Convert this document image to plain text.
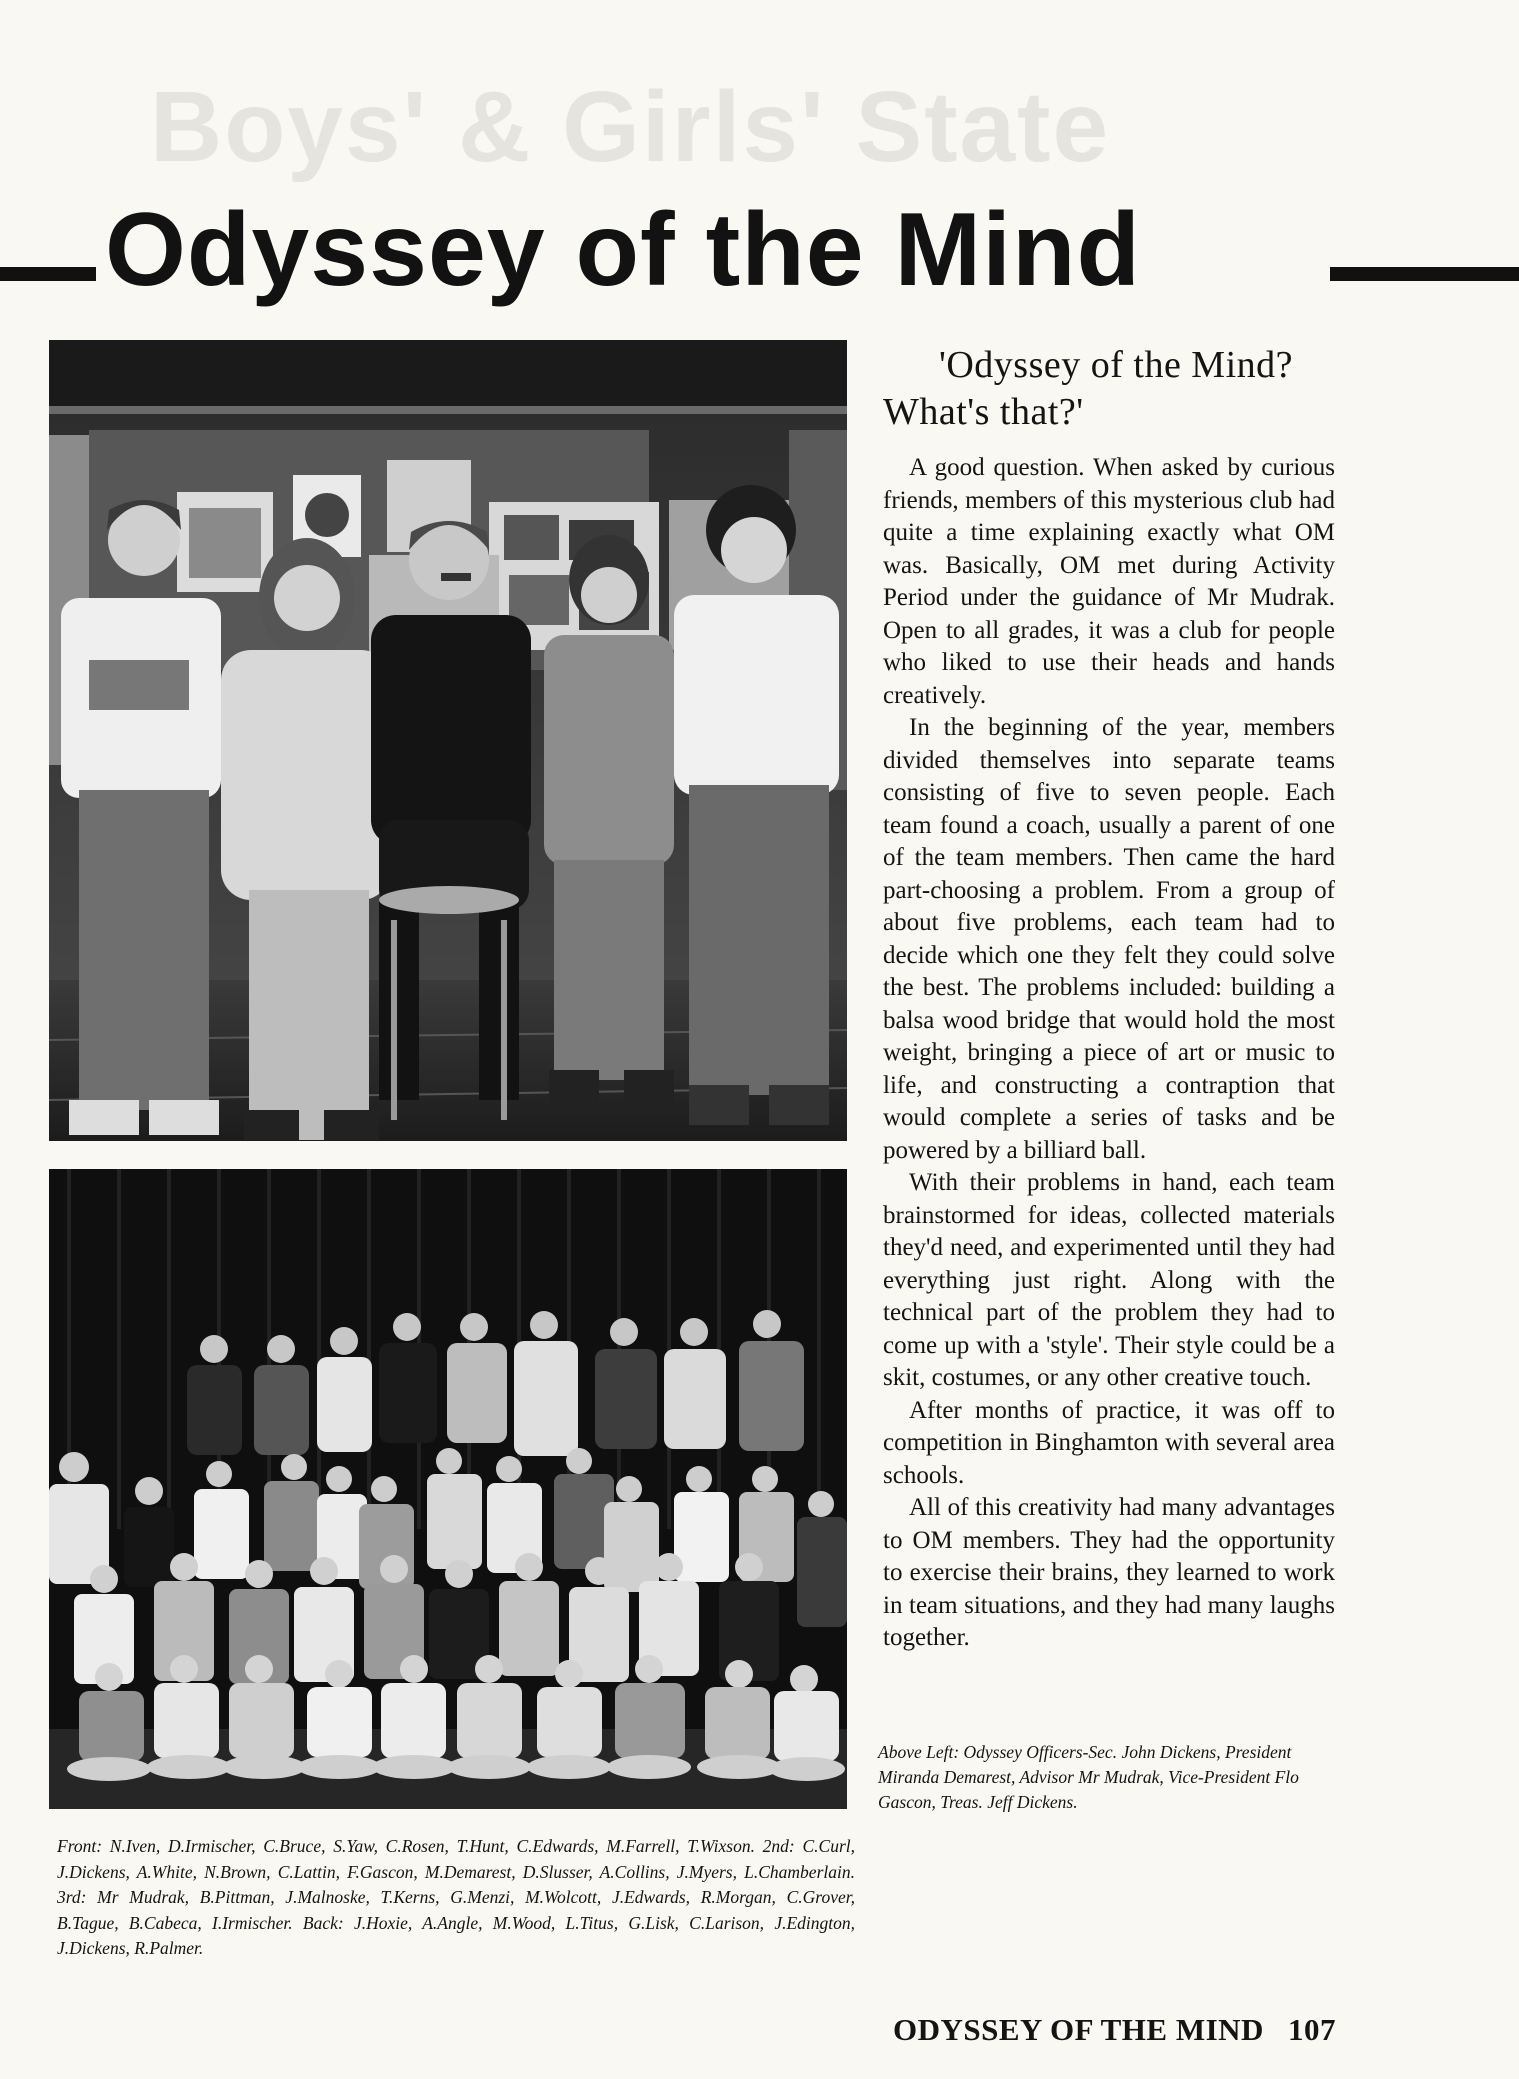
Boys' & Girls' State
Odyssey of the Mind
'Odyssey of the Mind?
What's that?'

A good question. When asked by curious friends, members of this mysterious club had quite a time explaining exactly what OM was. Basically, OM met during Activity Period under the guidance of Mr Mudrak. Open to all grades, it was a club for people who liked to use their heads and hands creatively.

In the beginning of the year, members divided themselves into separate teams consisting of five to seven people. Each team found a coach, usually a parent of one of the team members. Then came the hard part-choosing a problem. From a group of about five problems, each team had to decide which one they felt they could solve the best. The problems included: building a balsa wood bridge that would hold the most weight, bringing a piece of art or music to life, and constructing a contraption that would complete a series of tasks and be powered by a billiard ball.

With their problems in hand, each team brainstormed for ideas, collected materials they'd need, and experimented until they had everything just right. Along with the technical part of the problem they had to come up with a 'style'. Their style could be a skit, costumes, or any other creative touch.

After months of practice, it was off to competition in Binghamton with several area schools.

All of this creativity had many advantages to OM members. They had the opportunity to exercise their brains, they learned to work in team situations, and they had many laughs together.

Above Left: Odyssey Officers-Sec. John Dickens, President Miranda Demarest, Advisor Mr Mudrak, Vice-President Flo Gascon, Treas. Jeff Dickens.

Front: N.Iven, D.Irmischer, C.Bruce, S.Yaw, C.Rosen, T.Hunt, C.Edwards, M.Farrell, T.Wixson. 2nd: C.Curl, J.Dickens, A.White, N.Brown, C.Lattin, F.Gascon, M.Demarest, D.Slusser, A.Collins, J.Myers, L.Chamberlain. 3rd: Mr Mudrak, B.Pittman, J.Malnoske, T.Kerns, G.Menzi, M.Wolcott, J.Edwards, R.Morgan, C.Grover, B.Tague, B.Cabeca, I.Irmischer. Back: J.Hoxie, A.Angle, M.Wood, L.Titus, G.Lisk, C.Larison, J.Edington, J.Dickens, R.Palmer.

ODYSSEY OF THE MIND 107
